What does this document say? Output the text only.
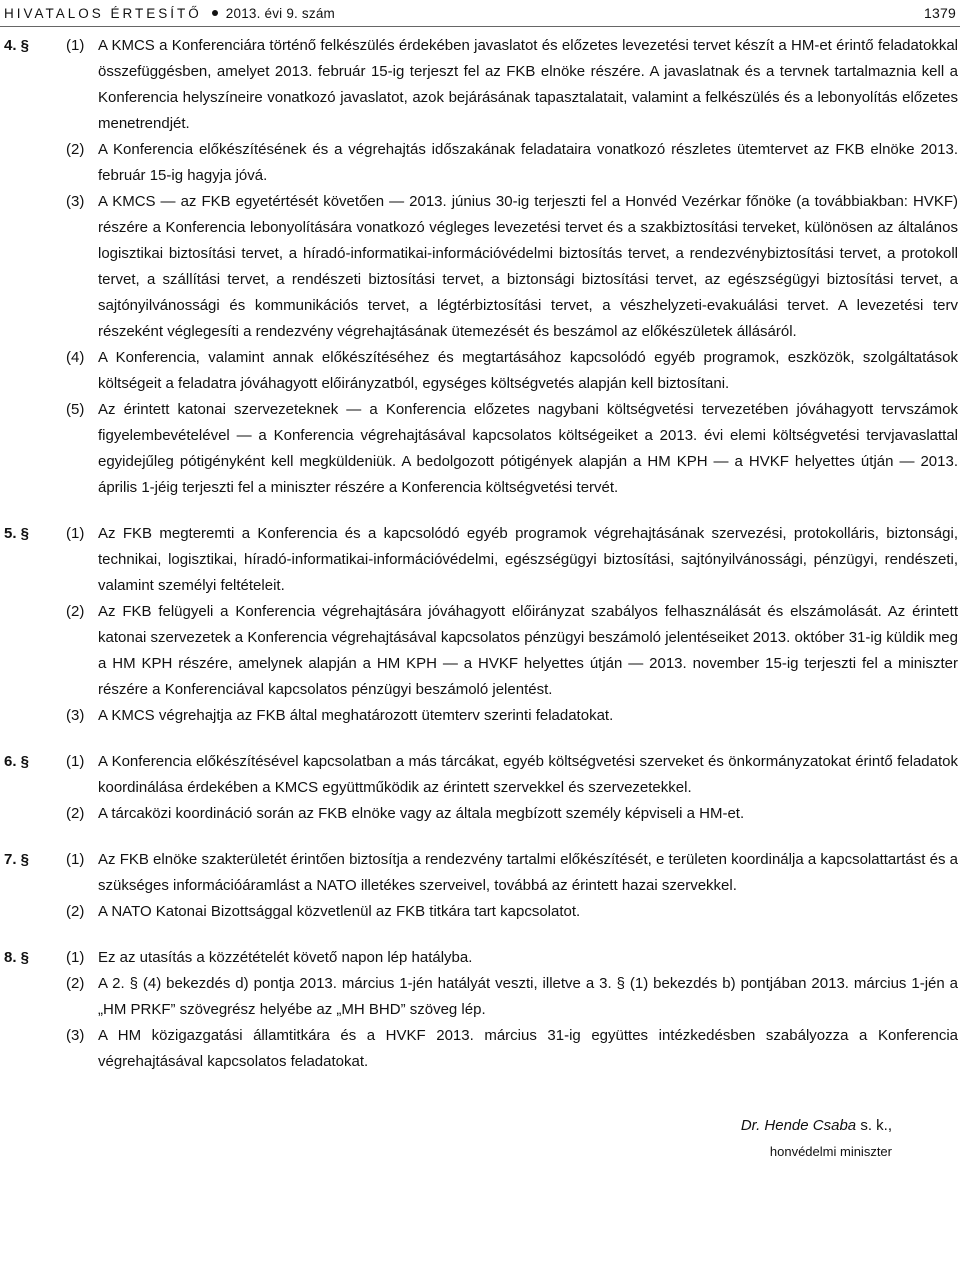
HIVATALOS ÉRTESÍTŐ 2013. évi 9. szám	1379
4. §	(1) A KMCS a Konferenciára történő felkészülés érdekében javaslatot és előzetes levezetési tervet készít a HM-et érintő feladatokkal összefüggésben, amelyet 2013. február 15-ig terjeszt fel az FKB elnöke részére. A javaslatnak és a tervnek tartalmaznia kell a Konferencia helyszíneire vonatkozó javaslatot, azok bejárásának tapasztalatait, valamint a felkészülés és a lebonyolítás előzetes menetrendjét.
(2) A Konferencia előkészítésének és a végrehajtás időszakának feladataira vonatkozó részletes ütemtervet az FKB elnöke 2013. február 15-ig hagyja jóvá.
(3) A KMCS — az FKB egyetértését követően — 2013. június 30-ig terjeszti fel a Honvéd Vezérkar főnöke (a továbbiakban: HVKF) részére a Konferencia lebonyolítására vonatkozó végleges levezetési tervet és a szakbiztosítási terveket, különösen az általános logisztikai biztosítási tervet, a híradó-informatikai-információvédelmi biztosítás tervet, a rendezvénybiztosítási tervet, a protokoll tervet, a szállítási tervet, a rendészeti biztosítási tervet, a biztonsági biztosítási tervet, az egészségügyi biztosítási tervet, a sajtónyilvánossági és kommunikációs tervet, a légtérbiztosítási tervet, a vészhelyzeti-evakuálási tervet. A levezetési terv részeként véglegesíti a rendezvény végrehajtásának ütemezését és beszámol az előkészületek állásáról.
(4) A Konferencia, valamint annak előkészítéséhez és megtartásához kapcsolódó egyéb programok, eszközök, szolgáltatások költségeit a feladatra jóváhagyott előirányzatból, egységes költségvetés alapján kell biztosítani.
(5) Az érintett katonai szervezeteknek — a Konferencia előzetes nagybani költségvetési tervezetében jóváhagyott tervszámok figyelembevételével — a Konferencia végrehajtásával kapcsolatos költségeiket a 2013. évi elemi költségvetési tervjavaslattal egyidejűleg pótigényként kell megküldeniük. A bedolgozott pótigények alapján a HM KPH — a HVKF helyettes útján — 2013. április 1-jéig terjeszti fel a miniszter részére a Konferencia költségvetési tervét.
5. §	(1) Az FKB megteremti a Konferencia és a kapcsolódó egyéb programok végrehajtásának szervezési, protokolláris, biztonsági, technikai, logisztikai, híradó-informatikai-információvédelmi, egészségügyi biztosítási, sajtónyilvánossági, pénzügyi, rendészeti, valamint személyi feltételeit.
(2) Az FKB felügyeli a Konferencia végrehajtására jóváhagyott előirányzat szabályos felhasználását és elszámolását. Az érintett katonai szervezetek a Konferencia végrehajtásával kapcsolatos pénzügyi beszámoló jelentéseiket 2013. október 31-ig küldik meg a HM KPH részére, amelynek alapján a HM KPH — a HVKF helyettes útján — 2013. november 15-ig terjeszti fel a miniszter részére a Konferenciával kapcsolatos pénzügyi beszámoló jelentést.
(3) A KMCS végrehajtja az FKB által meghatározott ütemterv szerinti feladatokat.
6. §	(1) A Konferencia előkészítésével kapcsolatban a más tárcákat, egyéb költségvetési szerveket és önkormányzatokat érintő feladatok koordinálása érdekében a KMCS együttműködik az érintett szervekkel és szervezetekkel.
(2) A tárcaközi koordináció során az FKB elnöke vagy az általa megbízott személy képviseli a HM-et.
7. §	(1) Az FKB elnöke szakterületét érintően biztosítja a rendezvény tartalmi előkészítését, e területen koordinálja a kapcsolattartást és a szükséges információáramlást a NATO illetékes szerveivel, továbbá az érintett hazai szervekkel.
(2) A NATO Katonai Bizottsággal közvetlenül az FKB titkára tart kapcsolatot.
8. §	(1) Ez az utasítás a közzétételét követő napon lép hatályba.
(2) A 2. § (4) bekezdés d) pontja 2013. március 1-jén hatályát veszti, illetve a 3. § (1) bekezdés b) pontjában 2013. március 1-jén a „HM PRKF” szövegrész helyébe az „MH BHD” szöveg lép.
(3) A HM közigazgatási államtitkára és a HVKF 2013. március 31-ig együttes intézkedésben szabályozza a Konferencia végrehajtásával kapcsolatos feladatokat.
Dr. Hende Csaba s. k.,
honvédelmi miniszter
